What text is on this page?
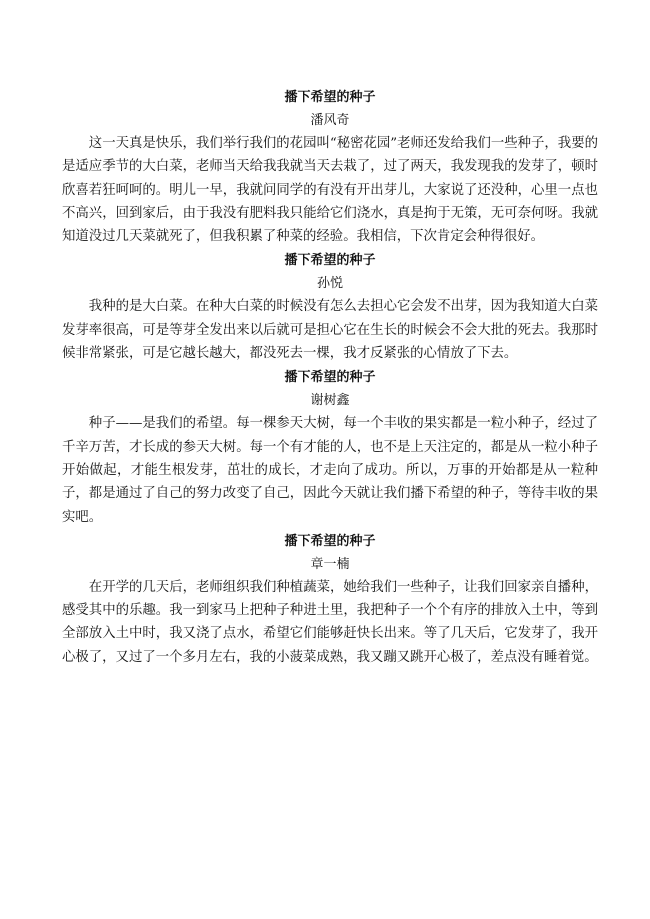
播下希望的种子

潘风奇

这一天真是快乐，我们举行我们的花园叫“秘密花园”老师还发给我们一些种子，我要的是适应季节的大白菜，老师当天给我我就当天去栽了，过了两天，我发现我的发芽了，顿时欣喜若狂呵呵的。明儿一早，我就问同学的有没有开出芽儿，大家说了还没种，心里一点也不高兴，回到家后，由于我没有肥料我只能给它们浇水，真是拘于无策，无可奈何呀。我就知道没过几天菜就死了，但我积累了种菜的经验。我相信，下次肯定会种得很好。

播下希望的种子

孙悦

我种的是大白菜。在种大白菜的时候没有怎么去担心它会发不出芽，因为我知道大白菜发芽率很高，可是等芽全发出来以后就可是担心它在生长的时候会不会大批的死去。我那时候非常紧张，可是它越长越大，都没死去一棵，我才反紧张的心情放了下去。

播下希望的种子

谢树鑫

种子——是我们的希望。每一棵参天大树，每一个丰收的果实都是一粒小种子，经过了千辛万苦，才长成的参天大树。每一个有才能的人，也不是上天注定的，都是从一粒小种子开始做起，才能生根发芽，茁壮的成长，才走向了成功。所以，万事的开始都是从一粒种子，都是通过了自己的努力改变了自己，因此今天就让我们播下希望的种子，等待丰收的果实吧。

播下希望的种子

章一楠

在开学的几天后，老师组织我们种植蔬菜，她给我们一些种子，让我们回家亲自播种，感受其中的乐趣。我一到家马上把种子种进土里，我把种子一个个有序的排放入土中，等到全部放入土中时，我又浇了点水，希望它们能够赶快长出来。等了几天后，它发芽了，我开心极了，又过了一个多月左右，我的小菠菜成熟，我又蹦又跳开心极了，差点没有睡着觉。
